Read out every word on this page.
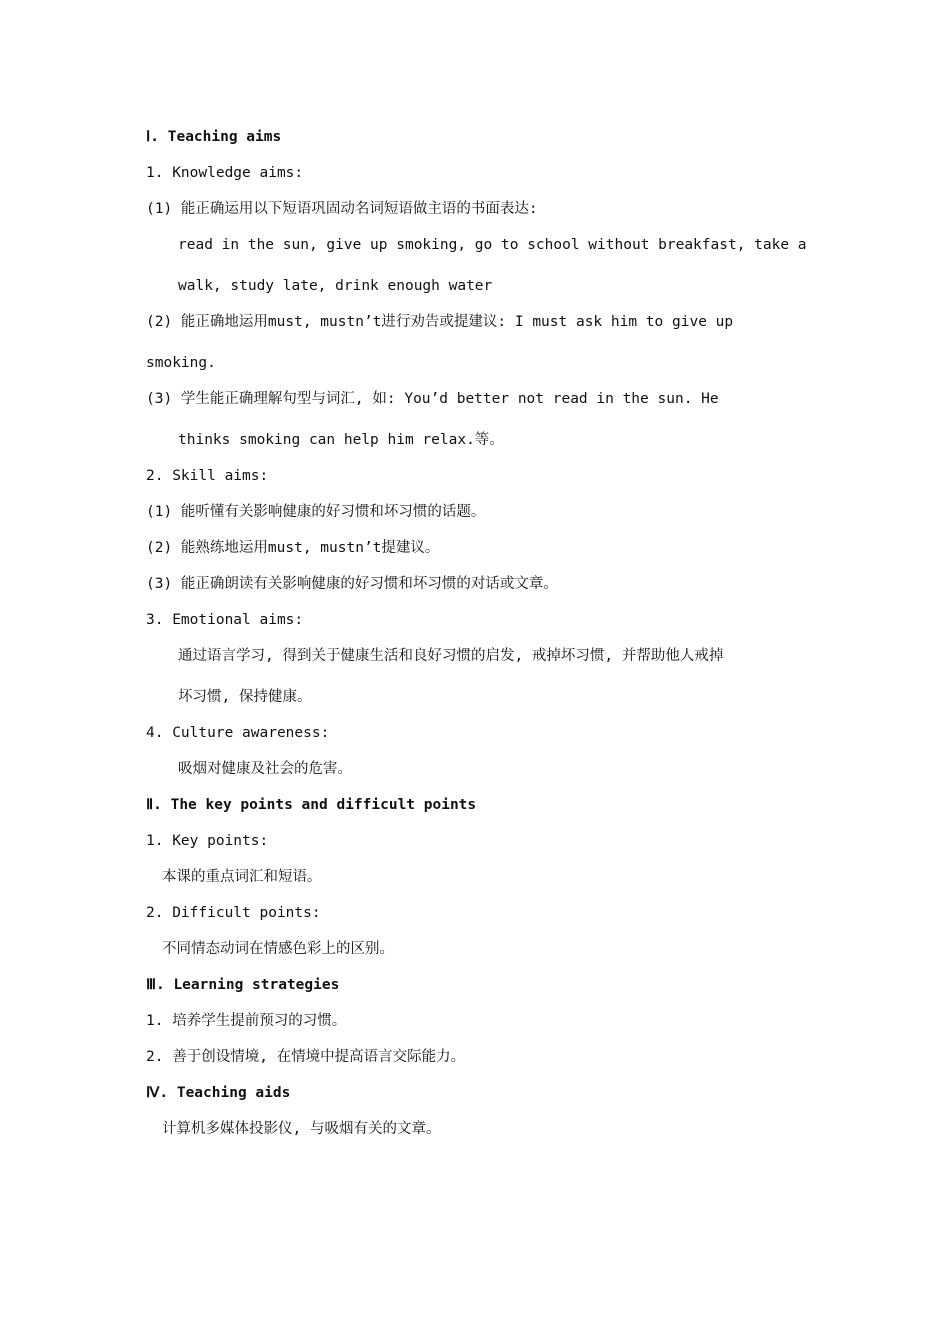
Ⅰ. Teaching aims
1. Knowledge aims:
(1) 能正确运用以下短语巩固动名词短语做主语的书面表达:
read in the sun, give up smoking, go to school without breakfast, take a
walk, study late, drink enough water
(2) 能正确地运用must, mustn’t进行劝告或提建议: I must ask him to give up
smoking.
(3) 学生能正确理解句型与词汇, 如: You’d better not read in the sun. He
thinks smoking can help him relax.等。
2. Skill aims:
(1) 能听懂有关影响健康的好习惯和坏习惯的话题。
(2) 能熟练地运用must, mustn’t提建议。
(3) 能正确朗读有关影响健康的好习惯和坏习惯的对话或文章。
3. Emotional aims:
通过语言学习, 得到关于健康生活和良好习惯的启发, 戒掉坏习惯, 并帮助他人戒掉
坏习惯, 保持健康。
4. Culture awareness:
吸烟对健康及社会的危害。
Ⅱ. The key points and difficult points
1. Key points:
本课的重点词汇和短语。
2. Difficult points:
不同情态动词在情感色彩上的区别。
Ⅲ. Learning strategies
1. 培养学生提前预习的习惯。
2. 善于创设情境, 在情境中提高语言交际能力。
Ⅳ. Teaching aids
计算机多媒体投影仪, 与吸烟有关的文章。
